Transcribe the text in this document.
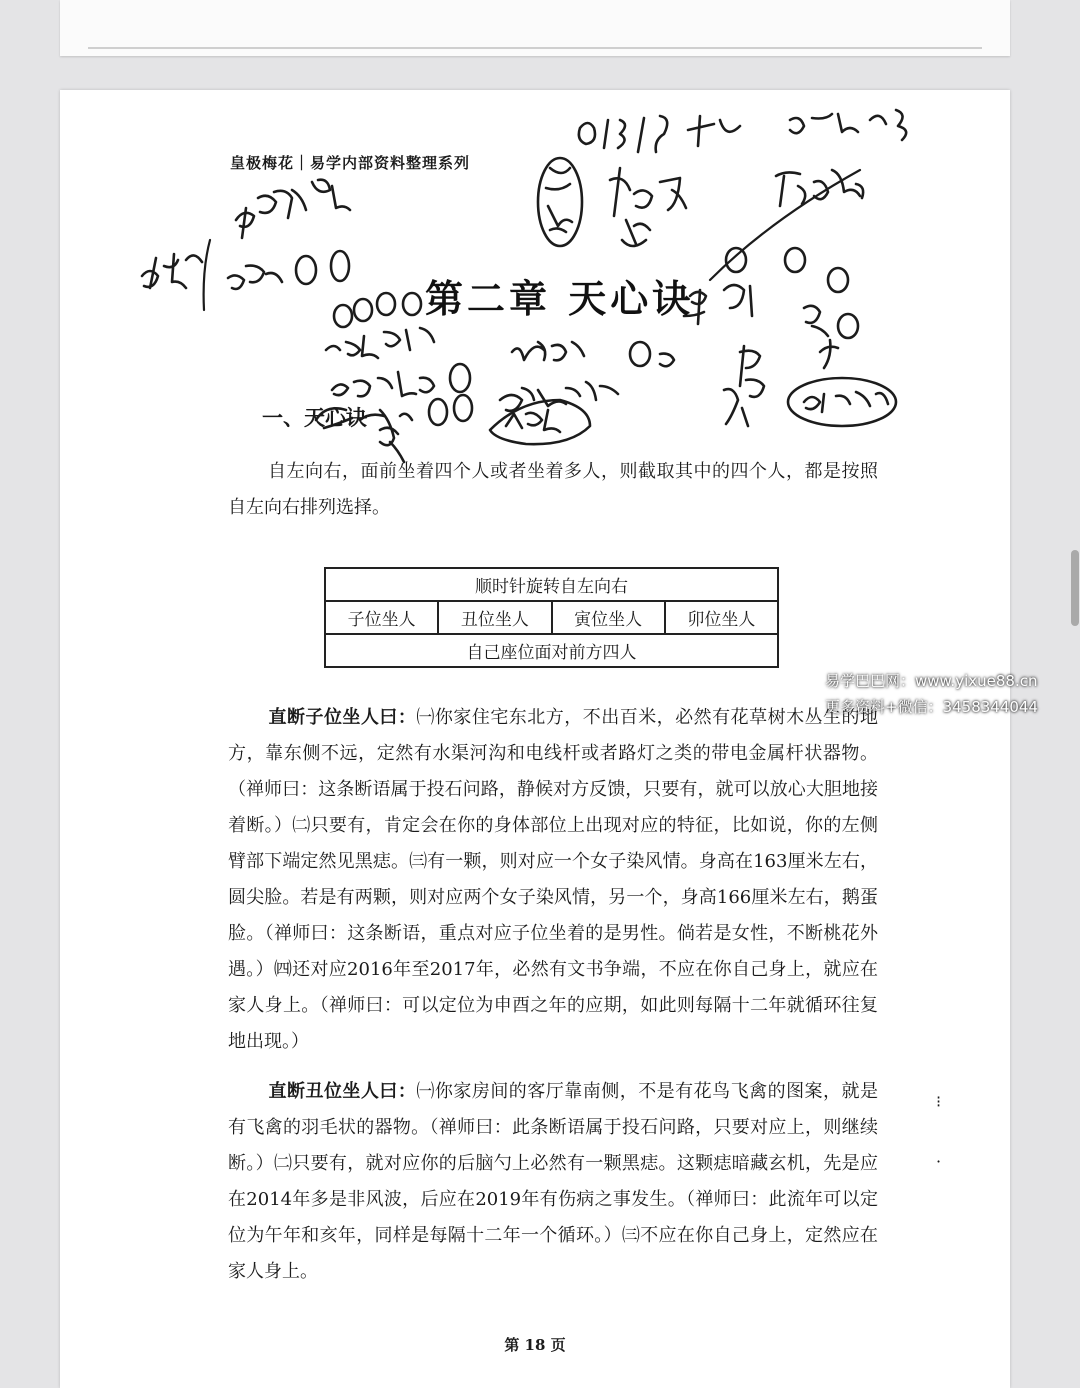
皇极梅花｜易学内部资料整理系列
第二章 天心诀
一、天心诀
自左向右，面前坐着四个人或者坐着多人，则截取其中的四个人，都是按照自左向右排列选择。
顺时针旋转自左向右
子位坐人	丑位坐人	寅位坐人	卯位坐人
自己座位面对前方四人
直断子位坐人曰：㈠你家住宅东北方，不出百米，必然有花草树木丛生的地方，靠东侧不远，定然有水渠河沟和电线杆或者路灯之类的带电金属杆状器物。（禅师曰：这条断语属于投石问路，静候对方反馈，只要有，就可以放心大胆地接着断。）㈡只要有，肯定会在你的身体部位上出现对应的特征，比如说，你的左侧臂部下端定然见黑痣。㈢有一颗，则对应一个女子染风情。身高在163厘米左右，圆尖脸。若是有两颗，则对应两个女子染风情，另一个，身高166厘米左右，鹅蛋脸。（禅师曰：这条断语，重点对应子位坐着的是男性。倘若是女性，不断桃花外遇。）㈣还对应2016年至2017年，必然有文书争端，不应在你自己身上，就应在家人身上。（禅师曰：可以定位为申酉之年的应期，如此则每隔十二年就循环往复地出现。）
直断丑位坐人曰：㈠你家房间的客厅靠南侧，不是有花鸟飞禽的图案，就是有飞禽的羽毛状的器物。（禅师曰：此条断语属于投石问路，只要对应上，则继续断。）㈡只要有，就对应你的后脑勺上必然有一颗黑痣。这颗痣暗藏玄机，先是应在2014年多是非风波，后应在2019年有伤病之事发生。（禅师曰：此流年可以定位为午年和亥年，同样是每隔十二年一个循环。）㈢不应在你自己身上，定然应在家人身上。
⁝
·
第 18 页
易学巴巴网：www.yixue88.cn
更多资料+微信：3458344044
